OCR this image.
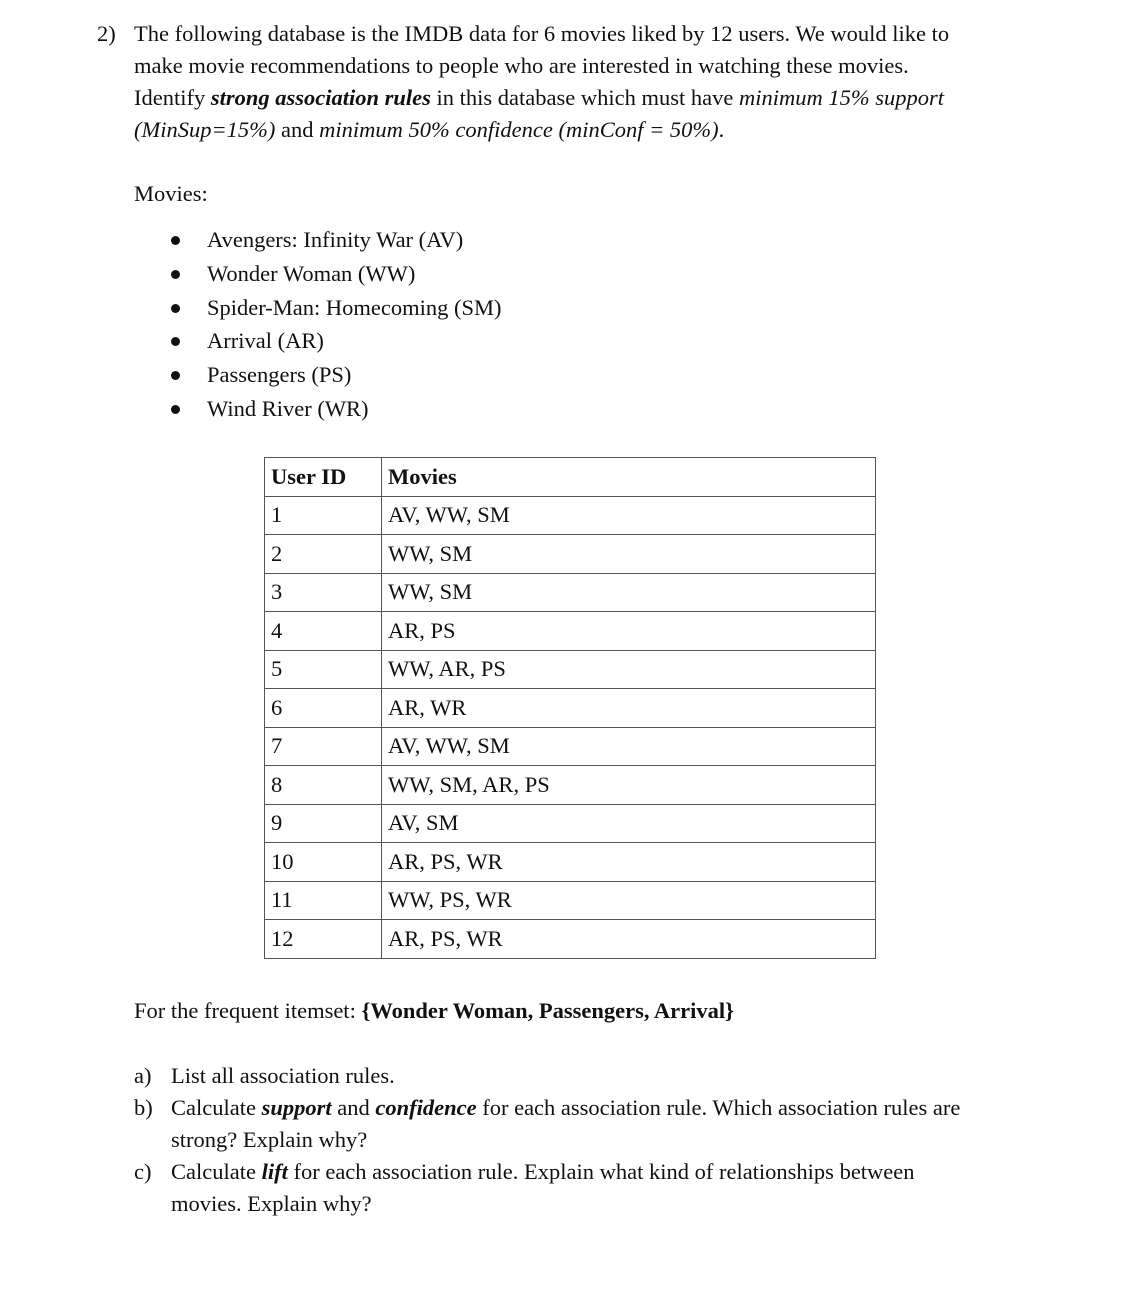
2) The following database is the IMDB data for 6 movies liked by 12 users. We would like to

make movie recommendations to people who are interested in watching these movies.

Identify strong association rules in this database which must have minimum 15% support

(MinSup=15%) and minimum 50% confidence (minConf = 50%).

Movies:
Avengers: Infinity War (AV)
Wonder Woman (WW)
Spider-Man: Homecoming (SM)
Arrival (AR)
Passengers (PS)
Wind River (WR)
User ID	Movies
1	AV, WW, SM
2	WW, SM
3	WW, SM
4	AR, PS
5	WW, AR, PS
6	AR, WR
7	AV, WW, SM
8	WW, SM, AR, PS
9	AV, SM
10	AR, PS, WR
11	WW, PS, WR
12	AR, PS, WR
For the frequent itemset: {Wonder Woman, Passengers, Arrival}
a) List all association rules.

b) Calculate support and confidence for each association rule. Which association rules are

strong? Explain why?

c) Calculate lift for each association rule. Explain what kind of relationships between

movies. Explain why?
